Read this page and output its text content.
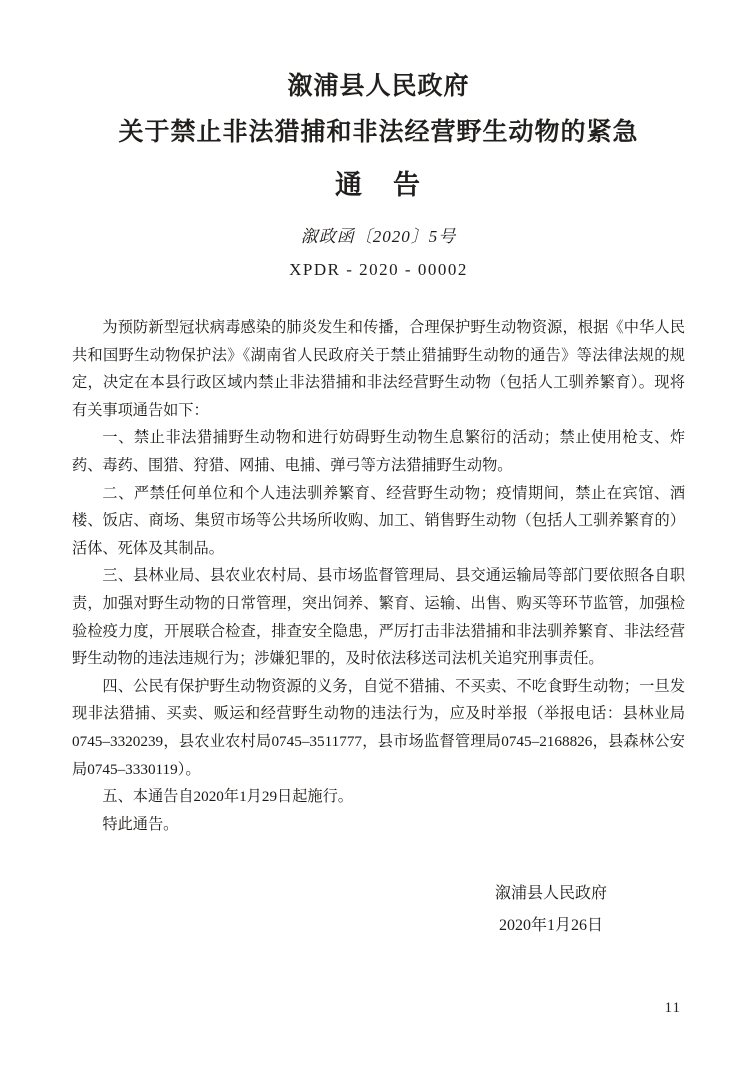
溆浦县人民政府
关于禁止非法猎捕和非法经营野生动物的紧急
通　告
溆政函〔2020〕5号
XPDR - 2020 - 00002

为预防新型冠状病毒感染的肺炎发生和传播，合理保护野生动物资源，根据《中华人民共和国野生动物保护法》《湖南省人民政府关于禁止猎捕野生动物的通告》等法律法规的规定，决定在本县行政区域内禁止非法猎捕和非法经营野生动物（包括人工驯养繁育）。现将有关事项通告如下：

一、禁止非法猎捕野生动物和进行妨碍野生动物生息繁衍的活动；禁止使用枪支、炸药、毒药、围猎、狩猎、网捕、电捕、弹弓等方法猎捕野生动物。

二、严禁任何单位和个人违法驯养繁育、经营野生动物；疫情期间，禁止在宾馆、酒楼、饭店、商场、集贸市场等公共场所收购、加工、销售野生动物（包括人工驯养繁育的）活体、死体及其制品。

三、县林业局、县农业农村局、县市场监督管理局、县交通运输局等部门要依照各自职责，加强对野生动物的日常管理，突出饲养、繁育、运输、出售、购买等环节监管，加强检验检疫力度，开展联合检查，排查安全隐患，严厉打击非法猎捕和非法驯养繁育、非法经营野生动物的违法违规行为；涉嫌犯罪的，及时依法移送司法机关追究刑事责任。

四、公民有保护野生动物资源的义务，自觉不猎捕、不买卖、不吃食野生动物；一旦发现非法猎捕、买卖、贩运和经营野生动物的违法行为，应及时举报（举报电话：县林业局0745–3320239，县农业农村局0745–3511777，县市场监督管理局0745–2168826，县森林公安局0745–3330119）。

五、本通告自2020年1月29日起施行。

特此通告。

溆浦县人民政府
2020年1月26日
11
